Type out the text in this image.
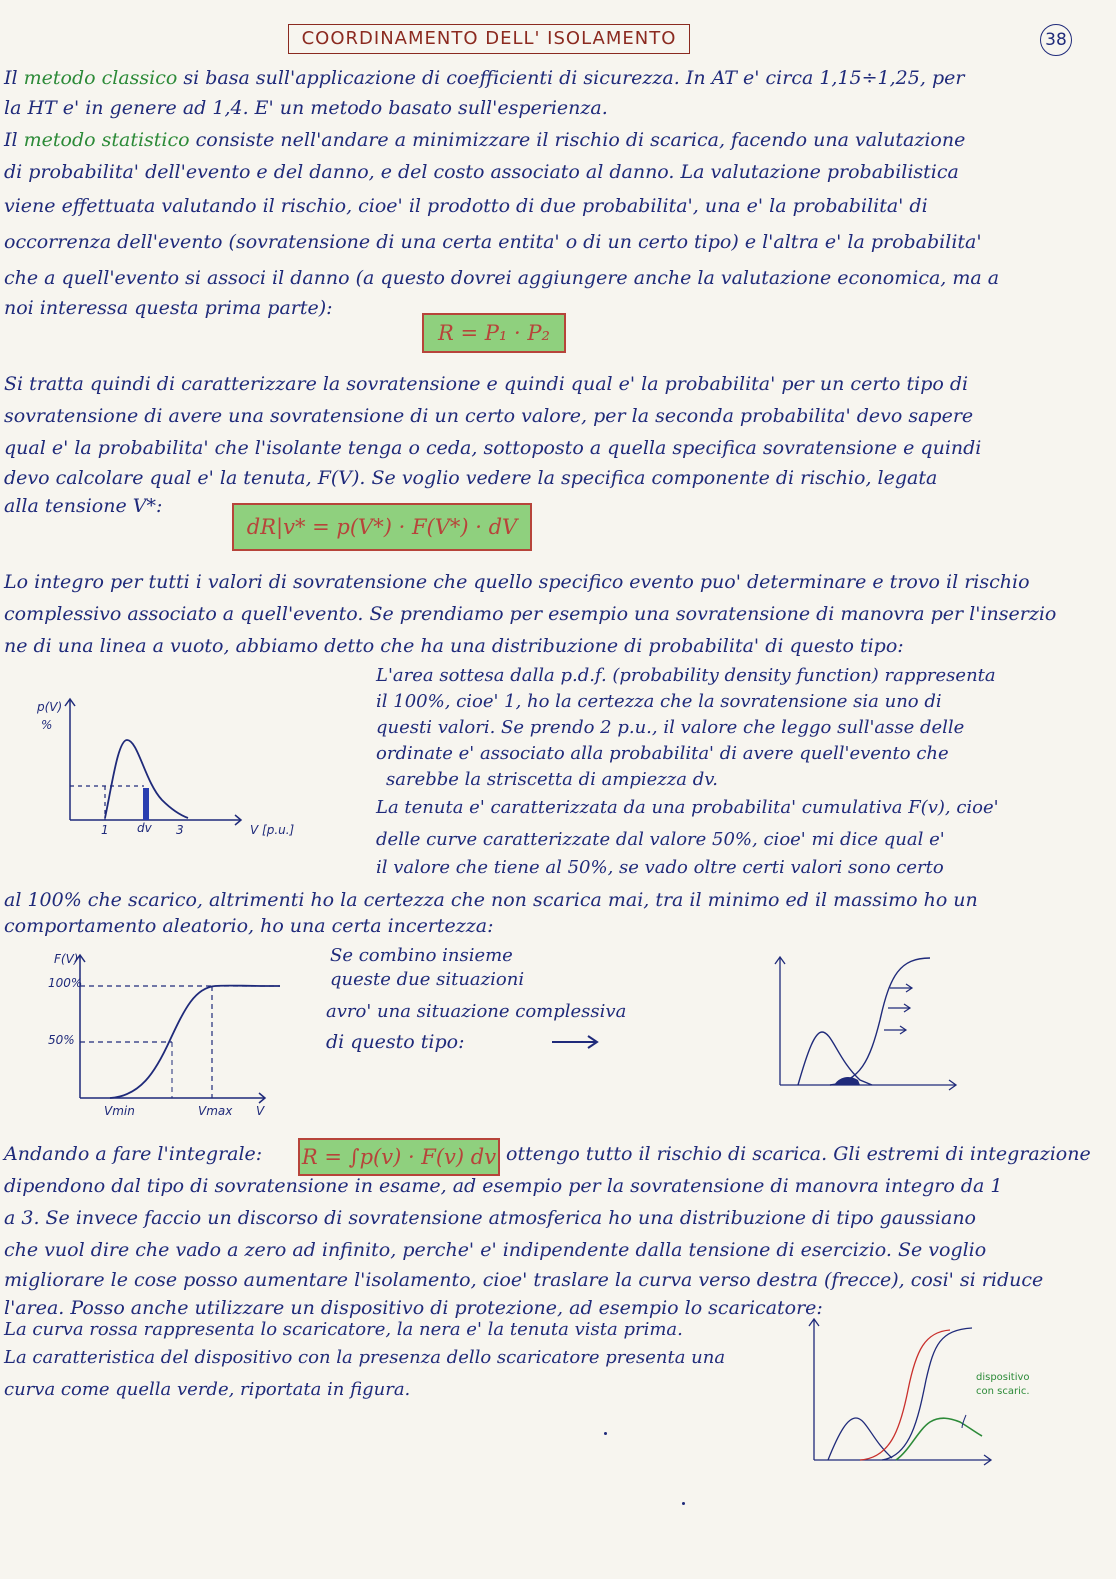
COORDINAMENTO DELL' ISOLAMENTO	38
Il metodo classico si basa sull'applicazione di coefficienti di sicurezza. In AT e' circa 1,15÷1,25, per
la HT e' in genere ad 1,4. E' un metodo basato sull'esperienza.
Il metodo statistico consiste nell'andare a minimizzare il rischio di scarica, facendo una valutazione
di probabilita' dell'evento e del danno, e del costo associato al danno. La valutazione probabilistica
viene effettuata valutando il rischio, cioe' il prodotto di due probabilita', una e' la probabilita' di
occorrenza dell'evento (sovratensione di una certa entita' o di un certo tipo) e l'altra e' la probabilita'
che a quell'evento si associ il danno (a questo dovrei aggiungere anche la valutazione economica, ma a
noi interessa questa prima parte):
R = P₁ · P₂
Si tratta quindi di caratterizzare la sovratensione e quindi qual e' la probabilita' per un certo tipo di
sovratensione di avere una sovratensione di un certo valore, per la seconda probabilita' devo sapere
qual e' la probabilita' che l'isolante tenga o ceda, sottoposto a quella specifica sovratensione e quindi
devo calcolare qual e' la tenuta, F(V). Se voglio vedere la specifica componente di rischio, legata
alla tensione V*:
dR|v* = p(V*) · F(V*) · dV
Lo integro per tutti i valori di sovratensione che quello specifico evento puo' determinare e trovo il rischio
complessivo associato a quell'evento. Se prendiamo per esempio una sovratensione di manovra per l'inserzio
ne di una linea a vuoto, abbiamo detto che ha una distribuzione di probabilita' di questo tipo:
p(V)
%
1 dv 3	V [p.u.]
L'area sottesa dalla p.d.f. (probability density function) rappresenta
il 100%, cioe' 1, ho la certezza che la sovratensione sia uno di
questi valori. Se prendo 2 p.u., il valore che leggo sull'asse delle
ordinate e' associato alla probabilita' di avere quell'evento che
sarebbe la striscetta di ampiezza dv.
La tenuta e' caratterizzata da una probabilita' cumulativa F(v), cioe'
delle curve caratterizzate dal valore 50%, cioe' mi dice qual e'
il valore che tiene al 50%, se vado oltre certi valori sono certo
al 100% che scarico, altrimenti ho la certezza che non scarica mai, tra il minimo ed il massimo ho un
comportamento aleatorio, ho una certa incertezza:
F(V)
100%
50%
Vmin	Vmax V
Se combino insieme
queste due situazioni
avro' una situazione complessiva
di questo tipo:
Andando a fare l'integrale: R = ∫p(v) · F(v) dv ottengo tutto il rischio di scarica. Gli estremi di integrazione
dipendono dal tipo di sovratensione in esame, ad esempio per la sovratensione di manovra integro da 1
a 3. Se invece faccio un discorso di sovratensione atmosferica ho una distribuzione di tipo gaussiano
che vuol dire che vado a zero ad infinito, perche' e' indipendente dalla tensione di esercizio. Se voglio
migliorare le cose posso aumentare l'isolamento, cioe' traslare la curva verso destra (frecce), cosi' si riduce
l'area. Posso anche utilizzare un dispositivo di protezione, ad esempio lo scaricatore:
La curva rossa rappresenta lo scaricatore, la nera e' la tenuta vista prima.
La caratteristica del dispositivo con la presenza dello scaricatore presenta una
curva come quella verde, riportata in figura.
dispositivo
con scaric.
